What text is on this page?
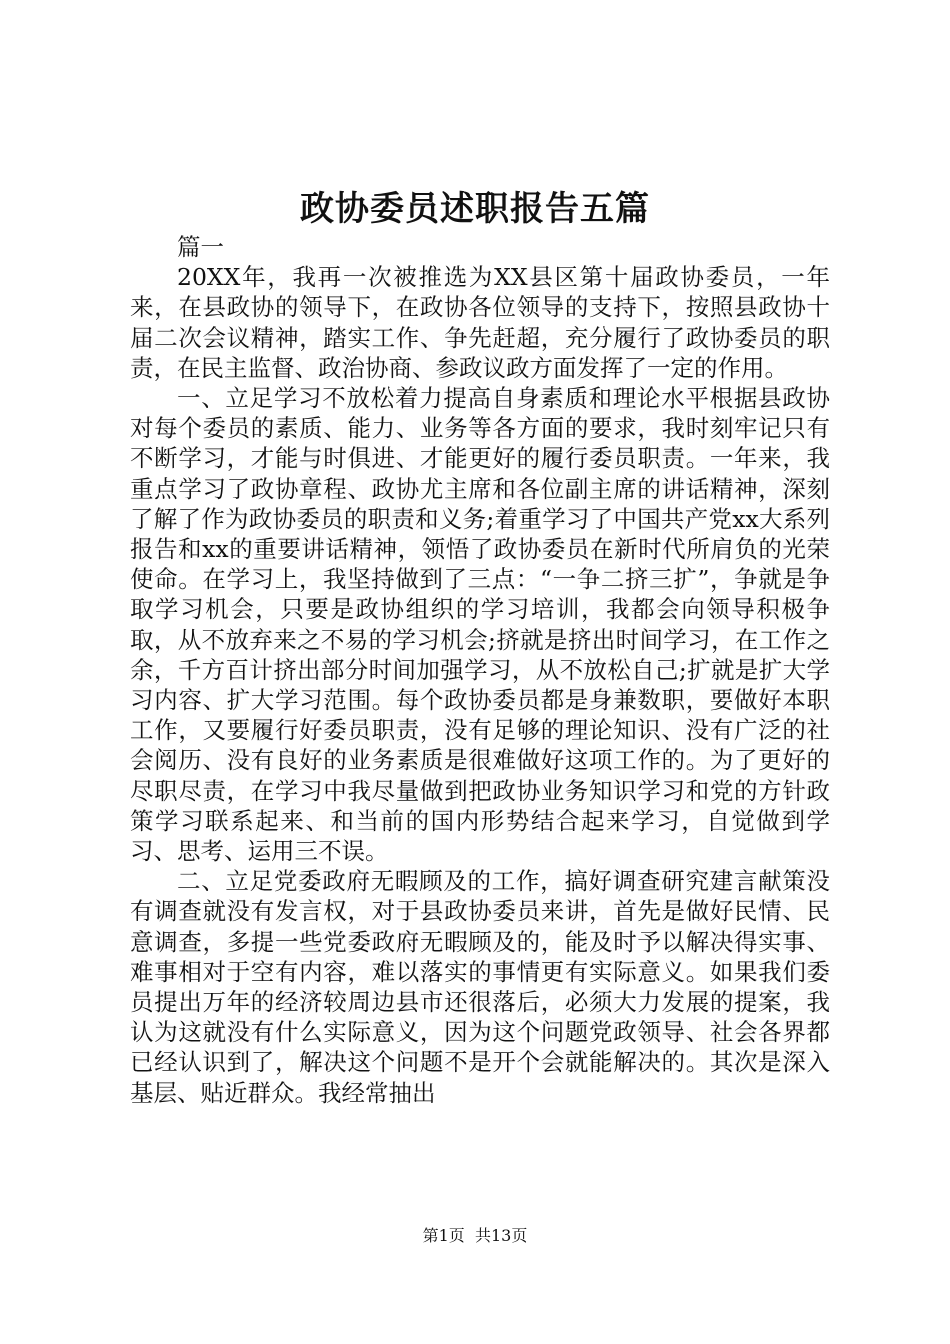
政协委员述职报告五篇

篇一

20XX年，我再一次被推选为XX县区第十届政协委员，一年来，在县政协的领导下，在政协各位领导的支持下，按照县政协十届二次会议精神，踏实工作、争先赶超，充分履行了政协委员的职责，在民主监督、政治协商、参政议政方面发挥了一定的作用。

一、立足学习不放松着力提高自身素质和理论水平根据县政协对每个委员的素质、能力、业务等各方面的要求，我时刻牢记只有不断学习，才能与时俱进、才能更好的履行委员职责。一年来，我重点学习了政协章程、政协尤主席和各位副主席的讲话精神，深刻了解了作为政协委员的职责和义务;着重学习了中国共产党xx大系列报告和xx的重要讲话精神，领悟了政协委员在新时代所肩负的光荣使命。在学习上，我坚持做到了三点：“一争二挤三扩”，争就是争取学习机会，只要是政协组织的学习培训，我都会向领导积极争取，从不放弃来之不易的学习机会;挤就是挤出时间学习，在工作之余，千方百计挤出部分时间加强学习，从不放松自己;扩就是扩大学习内容、扩大学习范围。每个政协委员都是身兼数职，要做好本职工作，又要履行好委员职责，没有足够的理论知识、没有广泛的社会阅历、没有良好的业务素质是很难做好这项工作的。为了更好的尽职尽责，在学习中我尽量做到把政协业务知识学习和党的方针政策学习联系起来、和当前的国内形势结合起来学习，自觉做到学习、思考、运用三不误。

二、立足党委政府无暇顾及的工作，搞好调查研究建言献策没有调查就没有发言权，对于县政协委员来讲，首先是做好民情、民意调查，多提一些党委政府无暇顾及的，能及时予以解决得实事、难事相对于空有内容，难以落实的事情更有实际意义。如果我们委员提出万年的经济较周边县市还很落后，必须大力发展的提案，我认为这就没有什么实际意义，因为这个问题党政领导、社会各界都已经认识到了，解决这个问题不是开个会就能解决的。其次是深入基层、贴近群众。我经常抽出

第1页 共13页
